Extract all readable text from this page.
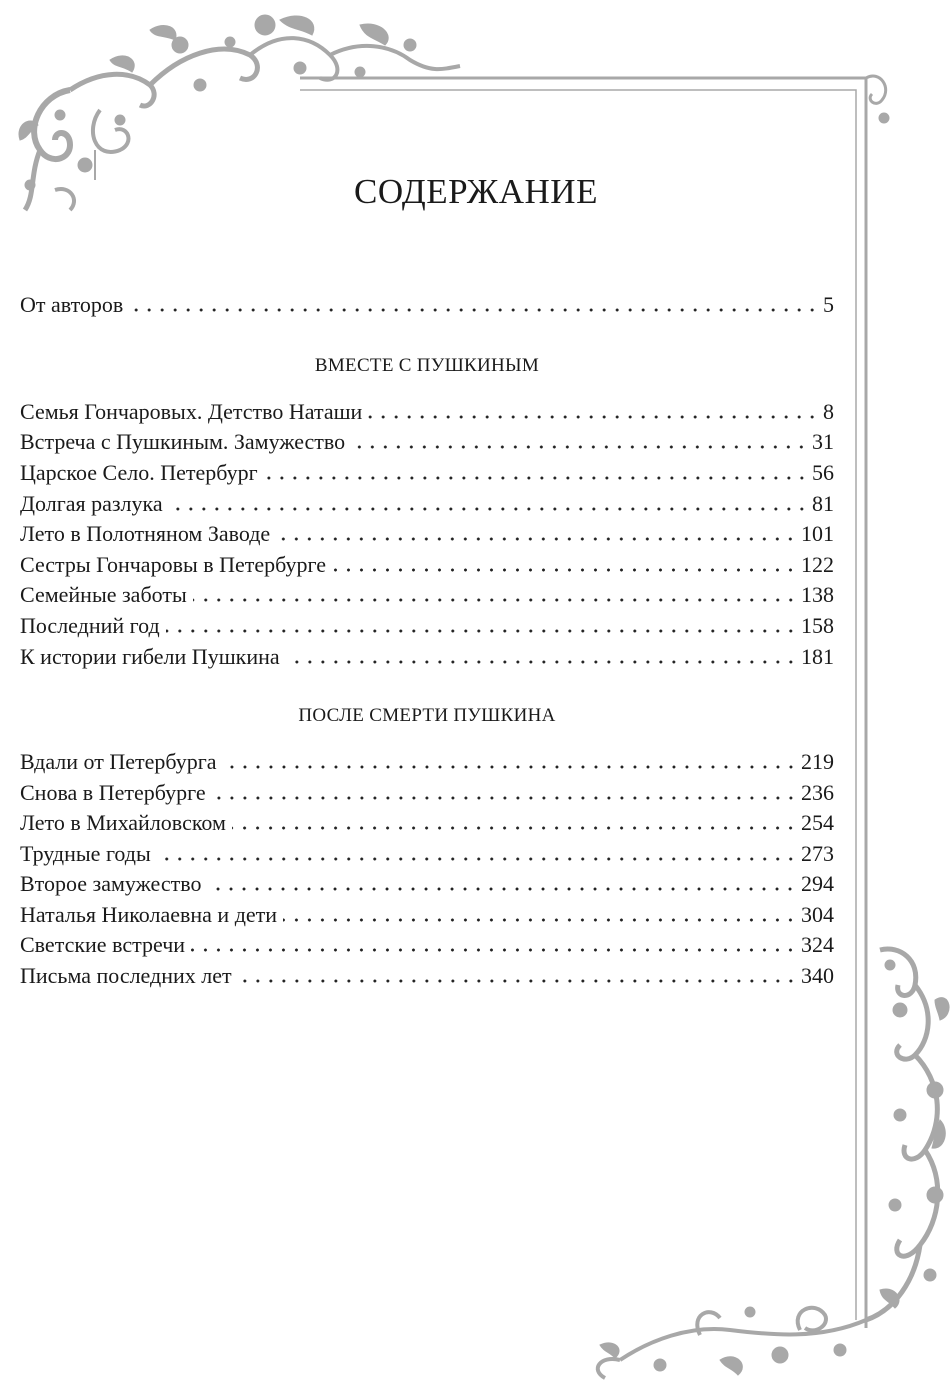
СОДЕРЖАНИЕ
От авторов	5
ВМЕСТЕ С ПУШКИНЫМ
Семья Гончаровых. Детство Наташи	8
Встреча с Пушкиным. Замужество	31
Царское Село. Петербург	56
Долгая разлука	81
Лето в Полотняном Заводе	101
Сестры Гончаровы в Петербурге	122
Семейные заботы	138
Последний год	158
К истории гибели Пушкина	181
ПОСЛЕ СМЕРТИ ПУШКИНА
Вдали от Петербурга	219
Снова в Петербурге	236
Лето в Михайловском	254
Трудные годы	273
Второе замужество	294
Наталья Николаевна и дети	304
Светские встречи	324
Письма последних лет	340
